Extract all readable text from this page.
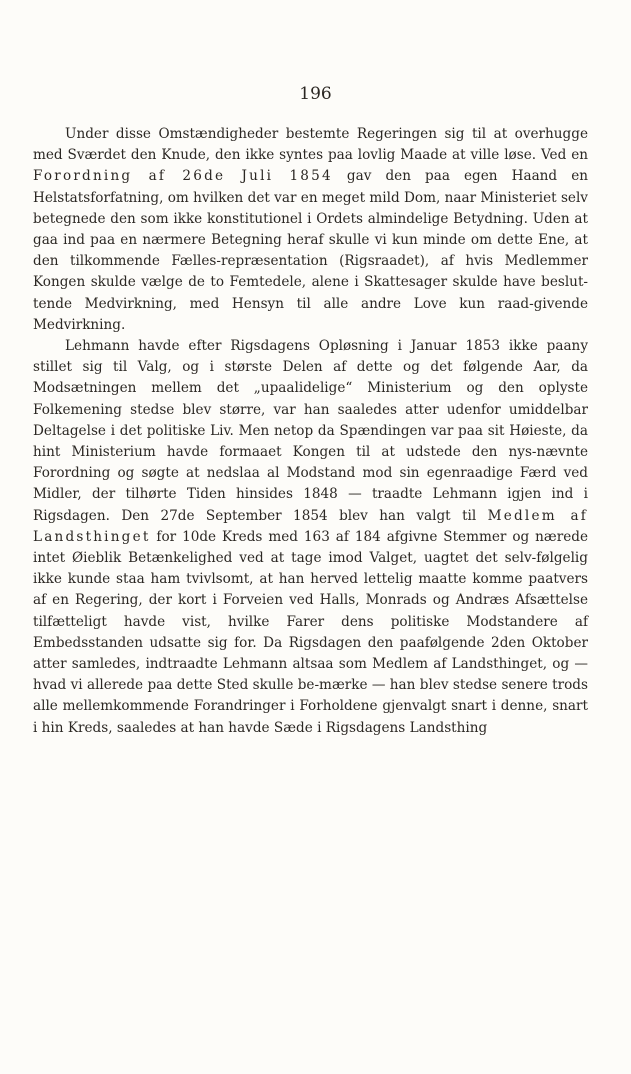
196

Under disse Omstændigheder bestemte Regeringen sig til at overhugge med Sværdet den Knude, den ikke syntes paa lovlig Maade at ville løse. Ved en Forordning af 26de Juli 1854 gav den paa egen Haand en Helstatsforfatning, om hvilken det var en meget mild Dom, naar Ministeriet selv betegnede den som ikke konstitutionel i Ordets almindelige Betydning. Uden at gaa ind paa en nærmere Betegning heraf skulle vi kun minde om dette Ene, at den tilkommende Fælles-repræsentation (Rigsraadet), af hvis Medlemmer Kongen skulde vælge de to Femtedele, alene i Skattesager skulde have beslut-tende Medvirkning, med Hensyn til alle andre Love kun raad-givende Medvirkning.

Lehmann havde efter Rigsdagens Opløsning i Januar 1853 ikke paany stillet sig til Valg, og i største Delen af dette og det følgende Aar, da Modsætningen mellem det „upaalidelige“ Ministerium og den oplyste Folkemening stedse blev større, var han saaledes atter udenfor umiddelbar Deltagelse i det politiske Liv. Men netop da Spændingen var paa sit Høieste, da hint Ministerium havde formaaet Kongen til at udstede den nys-nævnte Forordning og søgte at nedslaa al Modstand mod sin egenraadige Færd ved Midler, der tilhørte Tiden hinsides 1848 — traadte Lehmann igjen ind i Rigsdagen. Den 27de September 1854 blev han valgt til Medlem af Landsthinget for 10de Kreds med 163 af 184 afgivne Stemmer og nærede intet Øieblik Betænkelighed ved at tage imod Valget, uagtet det selv-følgelig ikke kunde staa ham tvivlsomt, at han herved lettelig maatte komme paatvers af en Regering, der kort i Forveien ved Halls, Monrads og Andræs Afsættelse tilfætteligt havde vist, hvilke Farer dens politiske Modstandere af Embedsstanden udsatte sig for. Da Rigsdagen den paafølgende 2den Oktober atter samledes, indtraadte Lehmann altsaa som Medlem af Landsthinget, og — hvad vi allerede paa dette Sted skulle be-mærke — han blev stedse senere trods alle mellemkommende Forandringer i Forholdene gjenvalgt snart i denne, snart i hin Kreds, saaledes at han havde Sæde i Rigsdagens Landsthing
